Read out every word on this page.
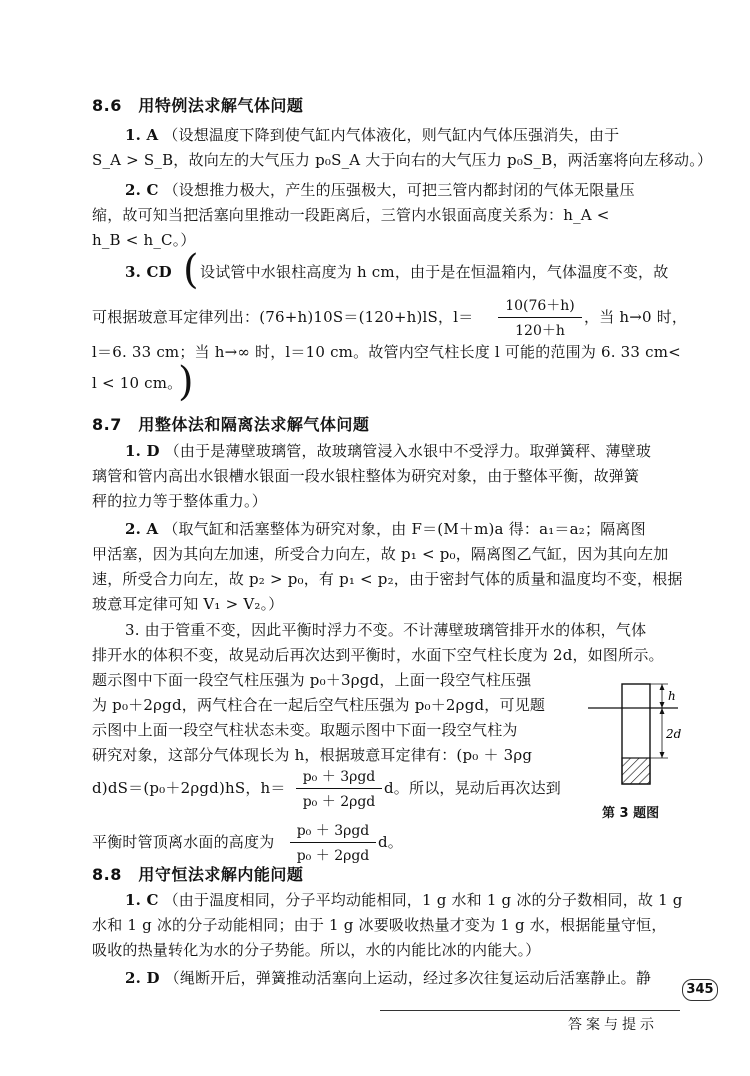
8.6　用特例法求解气体问题
1. A （设想温度下降到使气缸内气体液化，则气缸内气体压强消失，由于
S_A > S_B，故向左的大气压力 p₀S_A 大于向右的大气压力 p₀S_B，两活塞将向左移动。）
2. C （设想推力极大，产生的压强极大，可把三管内都封闭的气体无限量压
缩，故可知当把活塞向里推动一段距离后，三管内水银面高度关系为：h_A <
h_B < h_C。）
3. CD ( 设试管中水银柱高度为 h cm，由于是在恒温箱内，气体温度不变，故
可根据玻意耳定律列出：(76+h)10S＝(120+h)lS，l＝
10(76＋h)
120＋h
，当 h→0 时，
l＝6. 33 cm；当 h→∞ 时，l＝10 cm。故管内空气柱长度 l 可能的范围为 6. 33 cm<
l < 10 cm。
)
8.7　用整体法和隔离法求解气体问题
1. D （由于是薄壁玻璃管，故玻璃管浸入水银中不受浮力。取弹簧秤、薄壁玻
璃管和管内高出水银槽水银面一段水银柱整体为研究对象，由于整体平衡，故弹簧
秤的拉力等于整体重力。）
2. A （取气缸和活塞整体为研究对象，由 F＝(M＋m)a 得：a₁＝a₂；隔离图
甲活塞，因为其向左加速，所受合力向左，故 p₁ < p₀，隔离图乙气缸，因为其向左加
速，所受合力向左，故 p₂ > p₀，有 p₁ < p₂，由于密封气体的质量和温度均不变，根据
玻意耳定律可知 V₁ > V₂。）
3. 由于管重不变，因此平衡时浮力不变。不计薄壁玻璃管排开水的体积，气体
排开水的体积不变，故晃动后再次达到平衡时，水面下空气柱长度为 2d，如图所示。
题示图中下面一段空气柱压强为 p₀＋3ρgd，上面一段空气柱压强
为 p₀＋2ρgd，两气柱合在一起后空气柱压强为 p₀＋2ρgd，可见题
示图中上面一段空气柱状态未变。取题示图中下面一段空气柱为
研究对象，这部分气体现长为 h，根据玻意耳定律有：(p₀ ＋ 3ρg
d)dS＝(p₀＋2ρgd)hS，h＝
p₀ ＋ 3ρgd
p₀ ＋ 2ρgd
d。所以，晃动后再次达到
平衡时管顶离水面的高度为
p₀ ＋ 3ρgd
p₀ ＋ 2ρgd
d。
h
2d
第 3 题图
8.8　用守恒法求解内能问题
1. C （由于温度相同，分子平均动能相同，1 g 水和 1 g 冰的分子数相同，故 1 g
水和 1 g 冰的分子动能相同；由于 1 g 冰要吸收热量才变为 1 g 水，根据能量守恒，
吸收的热量转化为水的分子势能。所以，水的内能比冰的内能大。）
2. D （绳断开后，弹簧推动活塞向上运动，经过多次往复运动后活塞静止。静
345
答案与提示
